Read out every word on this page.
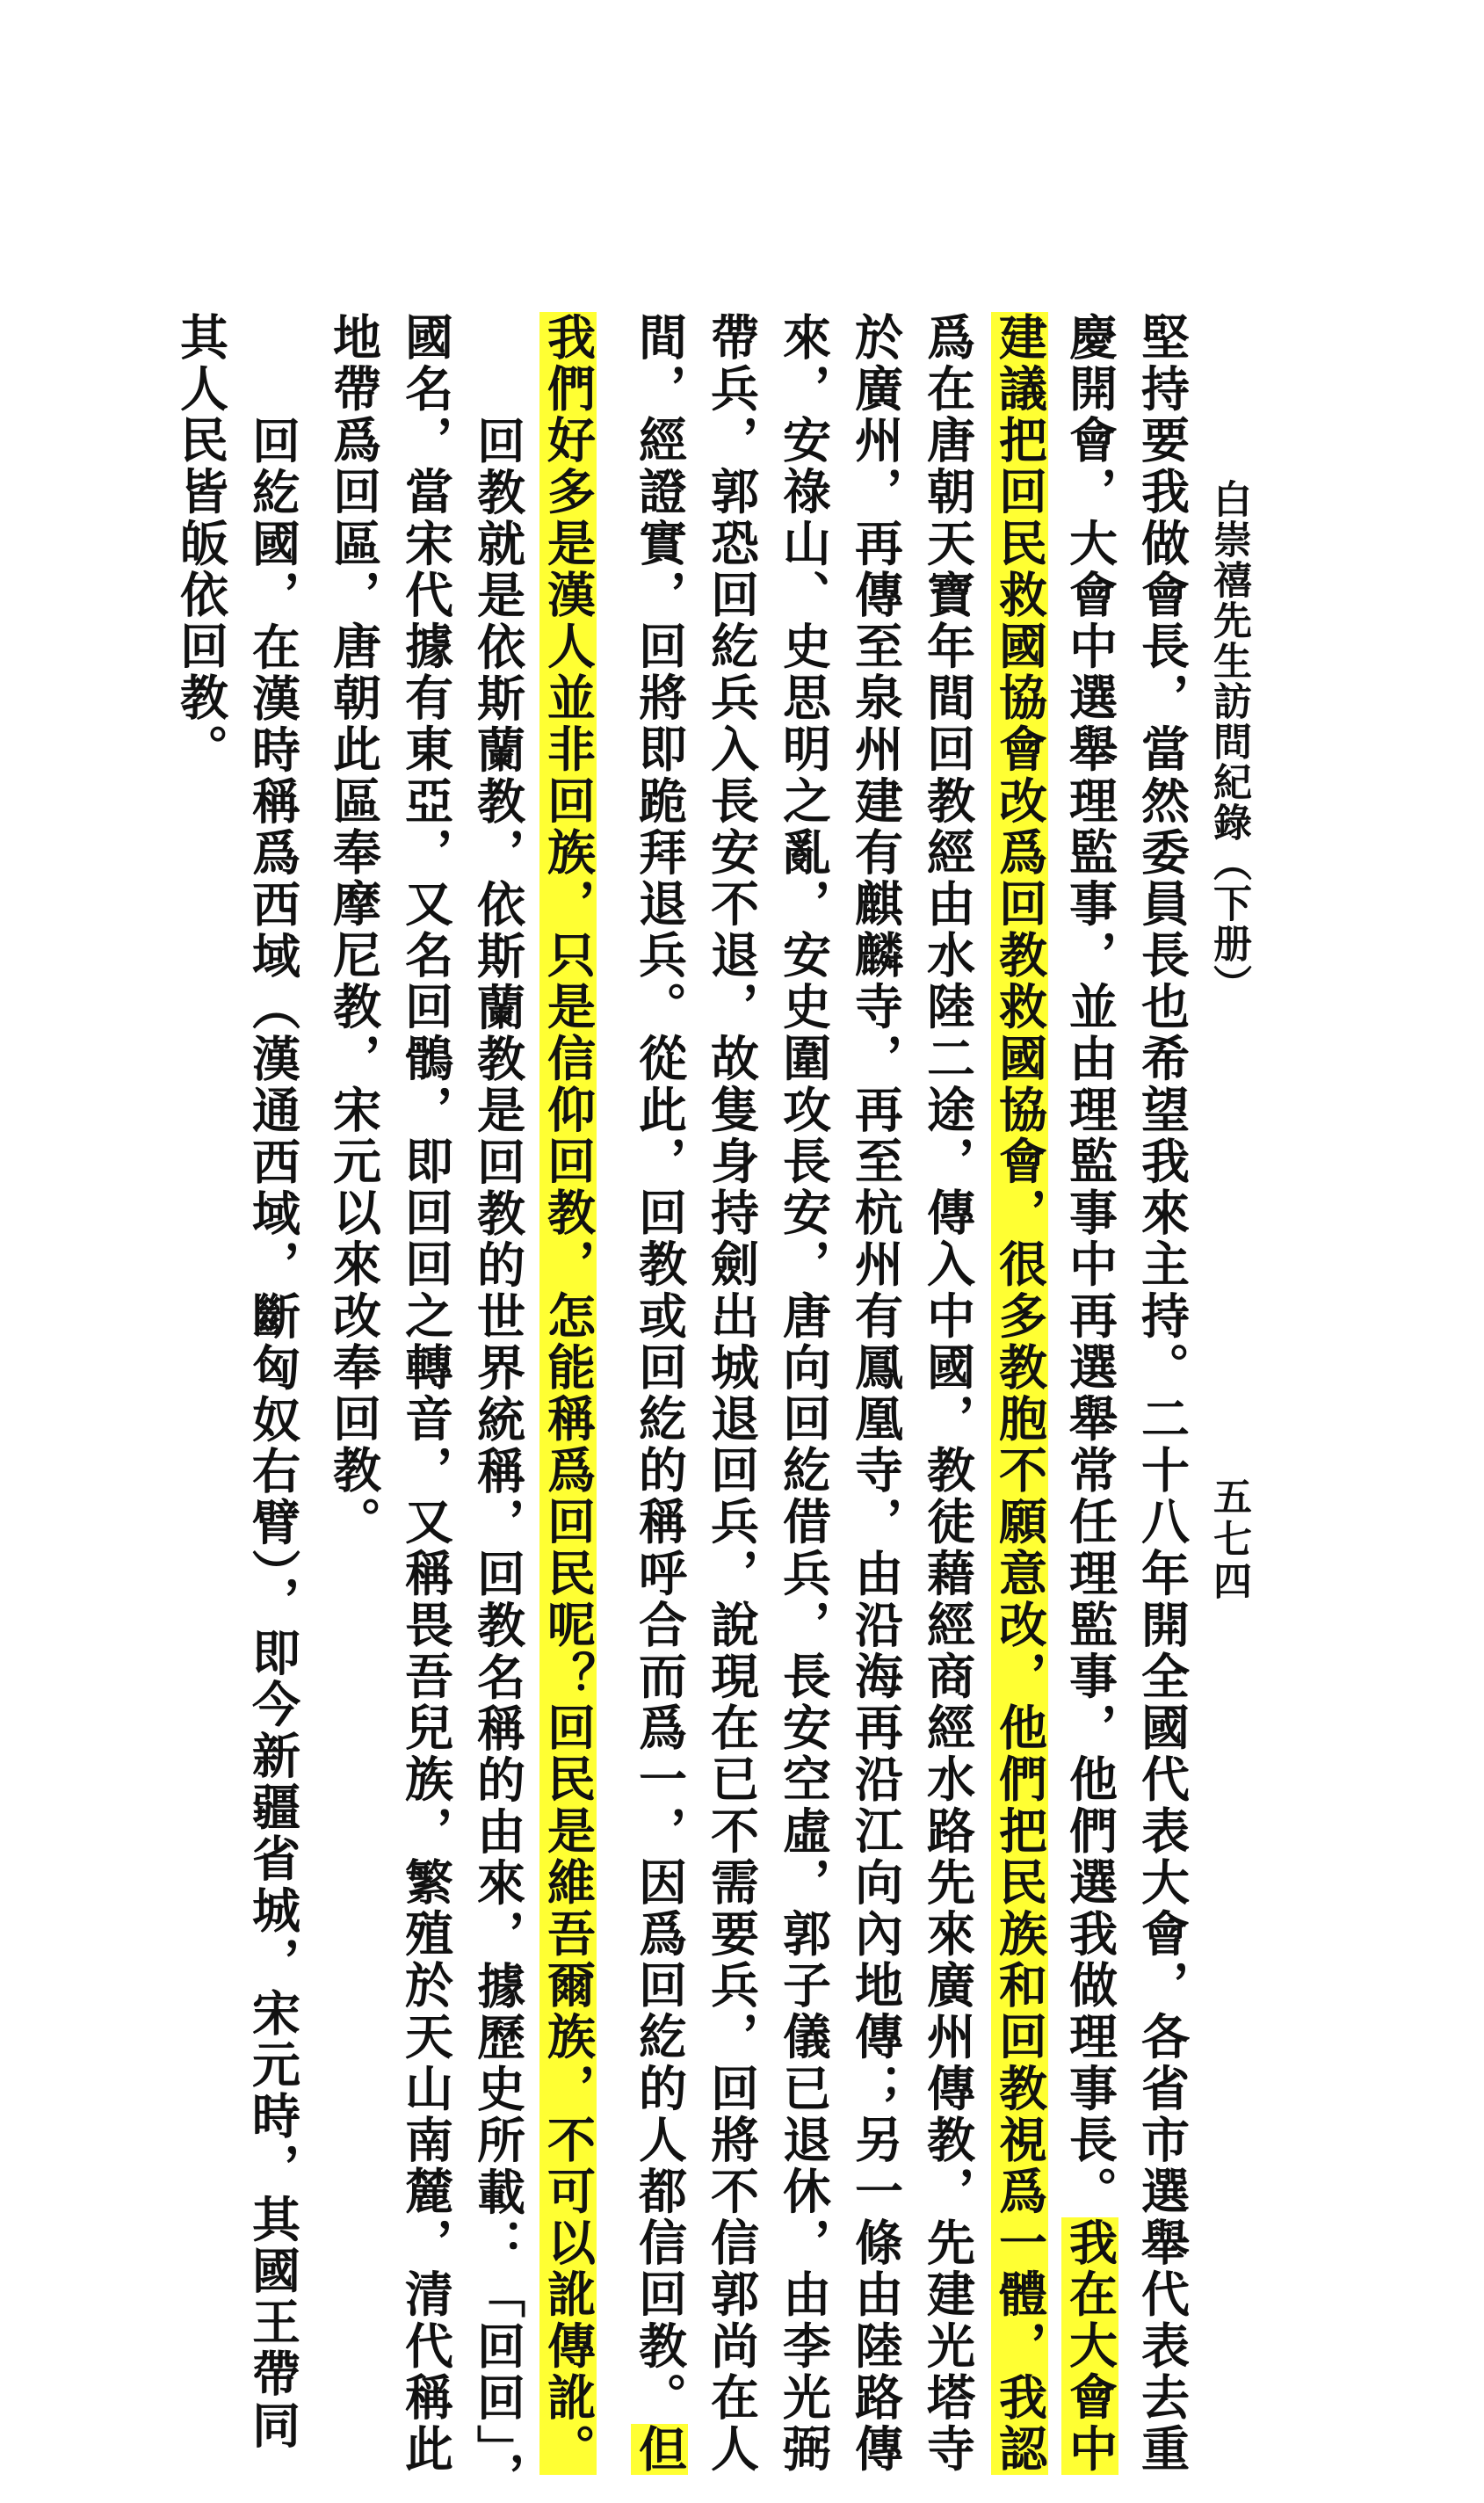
白崇禧先生訪問紀錄（下册）
五七四
堅持要我做會長，當然委員長也希望我來主持。二十八年開全國代表大會，各省市選舉代表去重
慶開會，大會中選舉理監事，並由理監事中再選舉常任理監事，他們選我做理事長。我在大會中
建議把回民救國協會改爲回教救國協會，很多教胞不願意改，他們把民族和回教視爲一體，我認
爲在唐朝天寶年間回教經由水陸二途，傳入中國，教徒藉經商經水路先來廣州傳教，先建光塔寺
於廣州，再傳至泉州建有麒麟寺，再至杭州有鳳凰寺，由沿海再沿江向內地傳；另一條由陸路傳
來，安祿山、史思明之亂，安史圍攻長安，唐向回紇借兵，長安空虛，郭子儀已退休，由李光弼
帶兵，郭恐回紇兵入長安不退，故隻身持劍出城退回兵，說現在已不需要兵，回將不信郭尚在人
間，經證實，回將即跪拜退兵。從此，回教或回紇的稱呼合而爲一，因爲回紇的人都信回教。但
我們好多是漢人並非回族，只是信仰回教，怎能稱爲回民呢？回民是維吾爾族，不可以訛傳訛。
回教就是依斯蘭教，依斯蘭教是回教的世界統稱，回教名稱的由來，據歷史所載：「回回」，
國名，當宋代據有東亞，又名回鶻，即回回之轉音，又稱畏吾兒族，繁殖於天山南麓，清代稱此
地帶爲回區，唐朝此區奉摩尼教，宋元以來改奉回教。
回紇國，在漢時稱爲西域（漢通西域，斷匈奴右臂），即今新疆省城，宋元時，其國王帶同
其人民皆皈依回教。
